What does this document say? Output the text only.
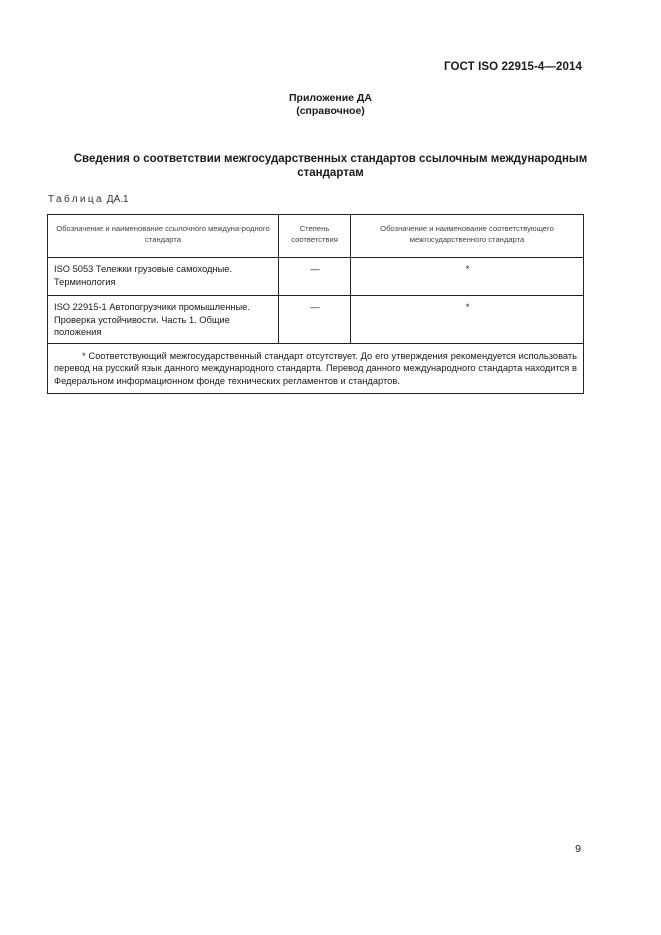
ГОСТ ISO 22915-4—2014
Приложение ДА
(справочное)
Сведения о соответствии межгосударственных стандартов ссылочным международным стандартам
Таблица ДА.1
Обозначение и наименование ссылочного междуна-родного стандарта	Степень соответствия	Обозначение и наименование соответствующего межгосударственного стандарта
ISO 5053 Тележки грузовые самоходные. Терминология	—	*
ISO 22915-1 Автопогрузчики промышленные. Проверка устойчивости. Часть 1. Общие положения	—	*
* Соответствующий межгосударственный стандарт отсутствует. До его утверждения рекомендуется использовать перевод на русский язык данного международного стандарта. Перевод данного международного стандарта находится в Федеральном информационном фонде технических регламентов и стандартов.		
9
